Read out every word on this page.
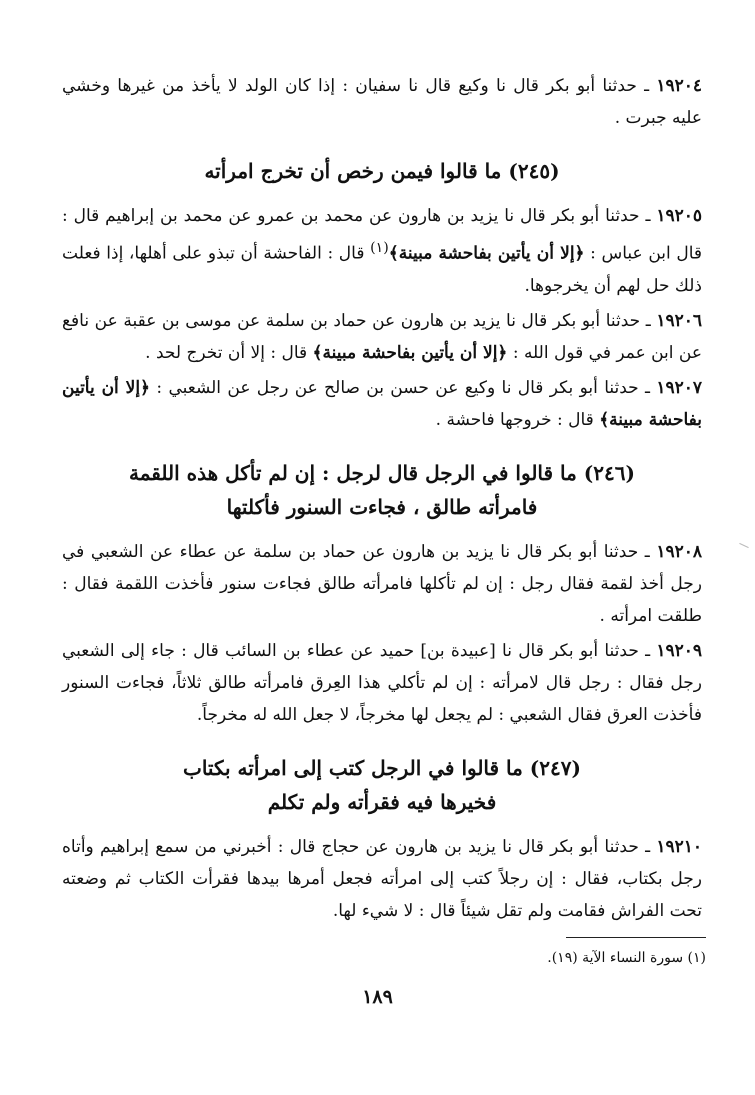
١٩٢٠٤ ـ حدثنا أبو بكر قال نا وكيع قال نا سفيان : إذا كان الولد لا يأخذ من غيرها وخشي عليه جبرت .

(٢٤٥) ما قالوا فيمن رخص أن تخرج امرأته

١٩٢٠٥ ـ حدثنا أبو بكر قال نا يزيد بن هارون عن محمد بن عمرو عن محمد بن إبراهيم قال : قال ابن عباس : ﴿إلا أن يأتين بفاحشة مبينة﴾$^{(١)}$ قال : الفاحشة أن تبذو على أهلها، إذا فعلت ذلك حل لهم أن يخرجوها.

١٩٢٠٦ ـ حدثنا أبو بكر قال نا يزيد بن هارون عن حماد بن سلمة عن موسى بن عقبة عن نافع عن ابن عمر في قول الله : ﴿إلا أن يأتين بفاحشة مبينة﴾ قال : إلا أن تخرج لحد .

١٩٢٠٧ ـ حدثنا أبو بكر قال نا وكيع عن حسن بن صالح عن رجل عن الشعبي : ﴿إلا أن يأتين بفاحشة مبينة﴾ قال : خروجها فاحشة .

(٢٤٦) ما قالوا في الرجل قال لرجل : إن لم تأكل هذه اللقمة
فامرأته طالق ، فجاءت السنور فأكلتها

١٩٢٠٨ ـ حدثنا أبو بكر قال نا يزيد بن هارون عن حماد بن سلمة عن عطاء عن الشعبي في رجل أخذ لقمة فقال رجل : إن لم تأكلها فامرأته طالق فجاءت سنور فأخذت اللقمة فقال : طلقت امرأته .

١٩٢٠٩ ـ حدثنا أبو بكر قال نا [عبيدة بن] حميد عن عطاء بن السائب قال : جاء إلى الشعبي رجل فقال : رجل قال لامرأته : إن لم تأكلي هذا العِرق فامرأته طالق ثلاثاً، فجاءت السنور فأخذت العرق فقال الشعبي : لم يجعل لها مخرجاً، لا جعل الله له مخرجاً.

(٢٤٧) ما قالوا في الرجل كتب إلى امرأته بكتاب
فخيرها فيه فقرأته ولم تكلم

١٩٢١٠ ـ حدثنا أبو بكر قال نا يزيد بن هارون عن حجاج قال : أخبرني من سمع إبراهيم وأتاه رجل بكتاب، فقال : إن رجلاً كتب إلى امرأته فجعل أمرها بيدها فقرأت الكتاب ثم وضعته تحت الفراش فقامت ولم تقل شيئاً قال : لا شيء لها.

(١) سورة النساء الآية (١٩).
١٨٩
